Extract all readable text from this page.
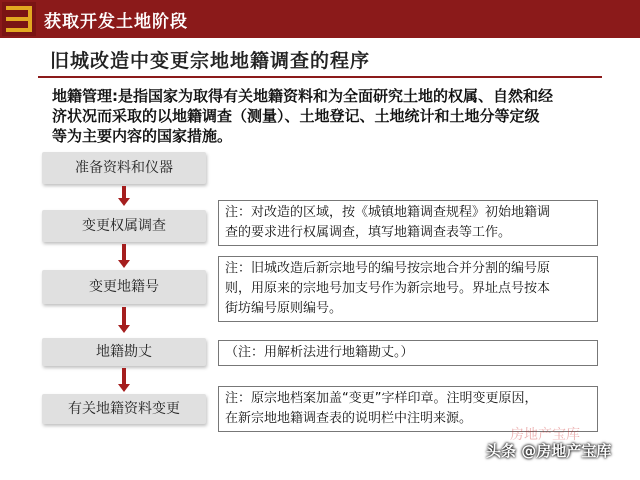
获取开发土地阶段
旧城改造中变更宗地地籍调查的程序
地籍管理:是指国家为取得有关地籍资料和为全面研究土地的权属、自然和经
济状况而采取的以地籍调查（测量）、土地登记、土地统计和土地分等定级
等为主要内容的国家措施。
准备资料和仪器
变更权属调查
变更地籍号
地籍勘丈
有关地籍资料变更
注：对改造的区域，按《城镇地籍调查规程》初始地籍调
查的要求进行权属调查，填写地籍调查表等工作。
注：旧城改造后新宗地号的编号按宗地合并分割的编号原
则，用原来的宗地号加支号作为新宗地号。界址点号按本
街坊编号原则编号。
（注：用解析法进行地籍勘丈。）
注：原宗地档案加盖“变更”字样印章。注明变更原因，
在新宗地地籍调查表的说明栏中注明来源。
房地产宝库
头条 @房地产宝库
